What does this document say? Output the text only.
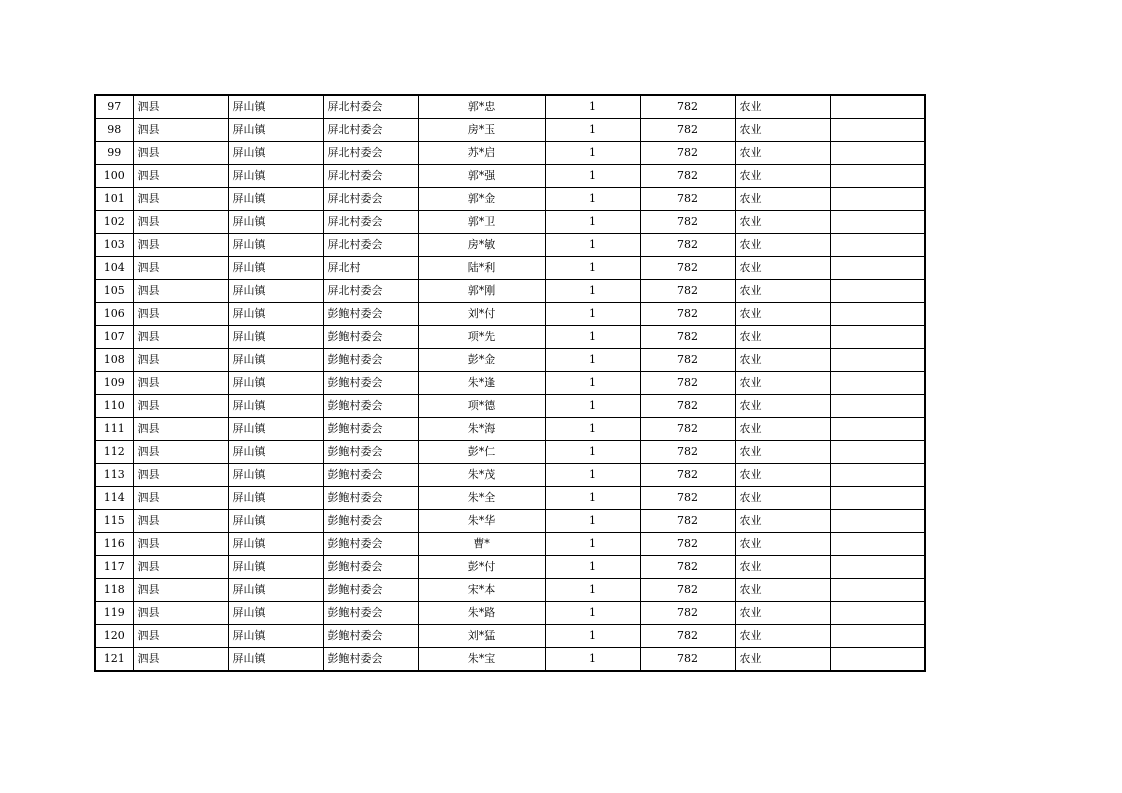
97	泗县	屏山镇	屏北村委会	郭*忠	1	782	农业	
98	泗县	屏山镇	屏北村委会	房*玉	1	782	农业	
99	泗县	屏山镇	屏北村委会	苏*启	1	782	农业	
100	泗县	屏山镇	屏北村委会	郭*强	1	782	农业	
101	泗县	屏山镇	屏北村委会	郭*金	1	782	农业	
102	泗县	屏山镇	屏北村委会	郭*卫	1	782	农业	
103	泗县	屏山镇	屏北村委会	房*敏	1	782	农业	
104	泗县	屏山镇	屏北村	陆*利	1	782	农业	
105	泗县	屏山镇	屏北村委会	郭*刚	1	782	农业	
106	泗县	屏山镇	彭鲍村委会	刘*付	1	782	农业	
107	泗县	屏山镇	彭鲍村委会	项*先	1	782	农业	
108	泗县	屏山镇	彭鲍村委会	彭*金	1	782	农业	
109	泗县	屏山镇	彭鲍村委会	朱*逢	1	782	农业	
110	泗县	屏山镇	彭鲍村委会	项*德	1	782	农业	
111	泗县	屏山镇	彭鲍村委会	朱*海	1	782	农业	
112	泗县	屏山镇	彭鲍村委会	彭*仁	1	782	农业	
113	泗县	屏山镇	彭鲍村委会	朱*茂	1	782	农业	
114	泗县	屏山镇	彭鲍村委会	朱*全	1	782	农业	
115	泗县	屏山镇	彭鲍村委会	朱*华	1	782	农业	
116	泗县	屏山镇	彭鲍村委会	曹*	1	782	农业	
117	泗县	屏山镇	彭鲍村委会	彭*付	1	782	农业	
118	泗县	屏山镇	彭鲍村委会	宋*本	1	782	农业	
119	泗县	屏山镇	彭鲍村委会	朱*路	1	782	农业	
120	泗县	屏山镇	彭鲍村委会	刘*猛	1	782	农业	
121	泗县	屏山镇	彭鲍村委会	朱*宝	1	782	农业	
